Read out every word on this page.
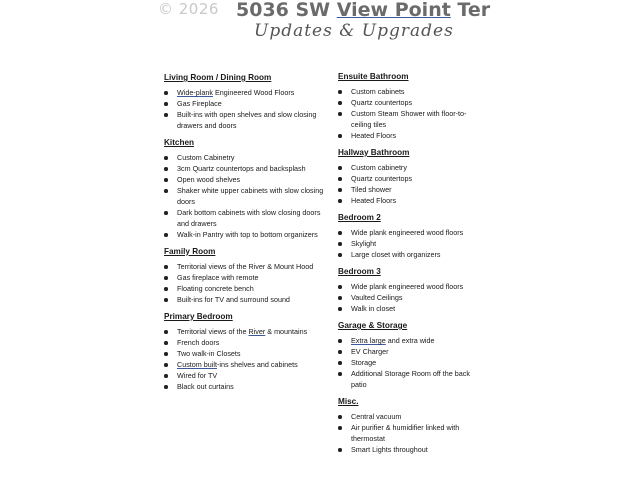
© 2026 5036 SW View Point Ter
Updates & Upgrades
Living Room / Dining Room
Wide-plank Engineered Wood Floors
Gas Fireplace
Built-ins with open shelves and slow closing drawers and doors
Kitchen
Custom Cabinetry
3cm Quartz countertops and backsplash
Open wood shelves
Shaker white upper cabinets with slow closing doors
Dark bottom cabinets with slow closing doors and drawers
Walk-in Pantry with top to bottom organizers
Family Room
Territorial views of the River & Mount Hood
Gas fireplace with remote
Floating concrete bench
Built-ins for TV and surround sound
Primary Bedroom
Territorial views of the River & mountains
French doors
Two walk-in Closets
Custom built-ins shelves and cabinets
Wired for TV
Black out curtains
Ensuite Bathroom
Custom cabinets
Quartz countertops
Custom Steam Shower with floor-to-ceiling tiles
Heated Floors
Hallway Bathroom
Custom cabinetry
Quartz countertops
Tiled shower
Heated Floors
Bedroom 2
Wide plank engineered wood floors
Skylight
Large closet with organizers
Bedroom 3
Wide plank engineered wood floors
Vaulted Ceilings
Walk in closet
Garage & Storage
Extra large and extra wide
EV Charger
Storage
Additional Storage Room off the back patio
Misc.
Central vacuum
Air purifier & humidifier linked with thermostat
Smart Lights throughout
